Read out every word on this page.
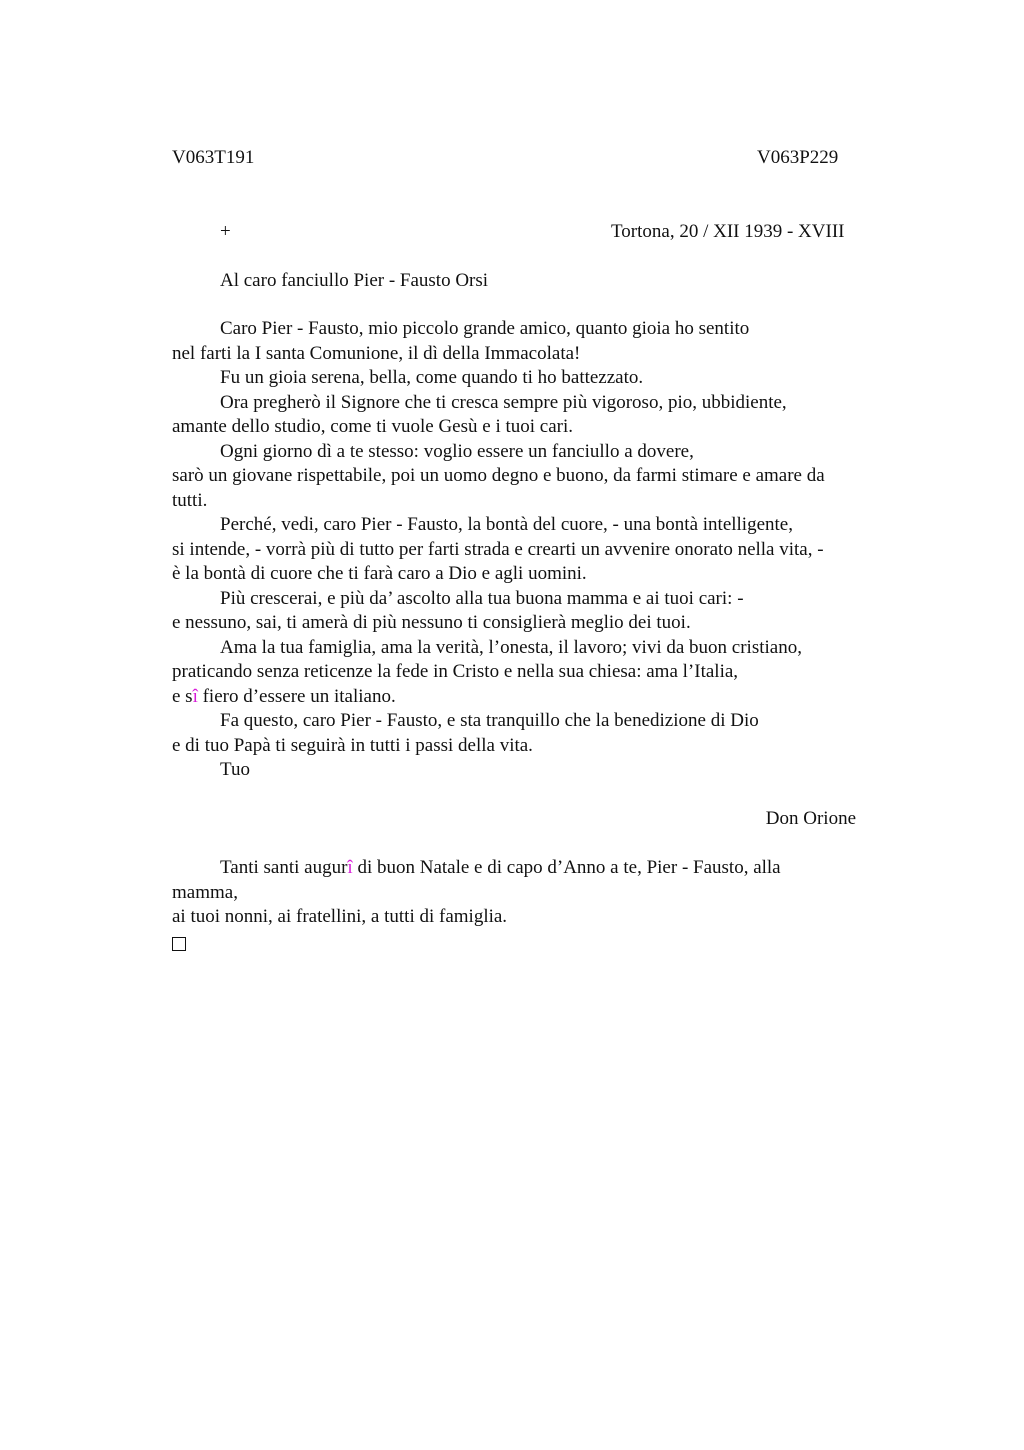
V063T191	V063P229
+	Tortona, 20 / XII 1939 - XVIII
Al caro fanciullo Pier - Fausto Orsi
Caro Pier - Fausto, mio piccolo grande amico, quanto gioia ho sentito
nel farti la I santa Comunione, il dì della Immacolata!
Fu un gioia serena, bella, come quando ti ho battezzato.
Ora pregherò il Signore che ti cresca sempre più vigoroso, pio, ubbidiente,
amante dello studio, come ti vuole Gesù e i tuoi cari.
Ogni giorno dì a te stesso: voglio essere un fanciullo a dovere,
sarò un giovane rispettabile, poi un uomo degno e buono, da farmi stimare e amare da
tutti.
Perché, vedi, caro Pier - Fausto, la bontà del cuore, - una bontà intelligente,
si intende, - vorrà più di tutto per farti strada e crearti un avvenire onorato nella vita, -
è la bontà di cuore che ti farà caro a Dio e agli uomini.
Più crescerai, e più da’ ascolto alla tua buona mamma e ai tuoi cari: -
e nessuno, sai, ti amerà di più nessuno ti consiglierà meglio dei tuoi.
Ama la tua famiglia, ama la verità, l’onesta, il lavoro; vivi da buon cristiano,
praticando senza reticenze la fede in Cristo e nella sua chiesa: ama l’Italia,
e sî fiero d’essere un italiano.
Fa questo, caro Pier - Fausto, e sta tranquillo che la benedizione di Dio
e di tuo Papà ti seguirà in tutti i passi della vita.
Tuo
Don Orione
Tanti santi augurî di buon Natale e di capo d’Anno a te, Pier - Fausto, alla
mamma,
ai tuoi nonni, ai fratellini, a tutti di famiglia.
